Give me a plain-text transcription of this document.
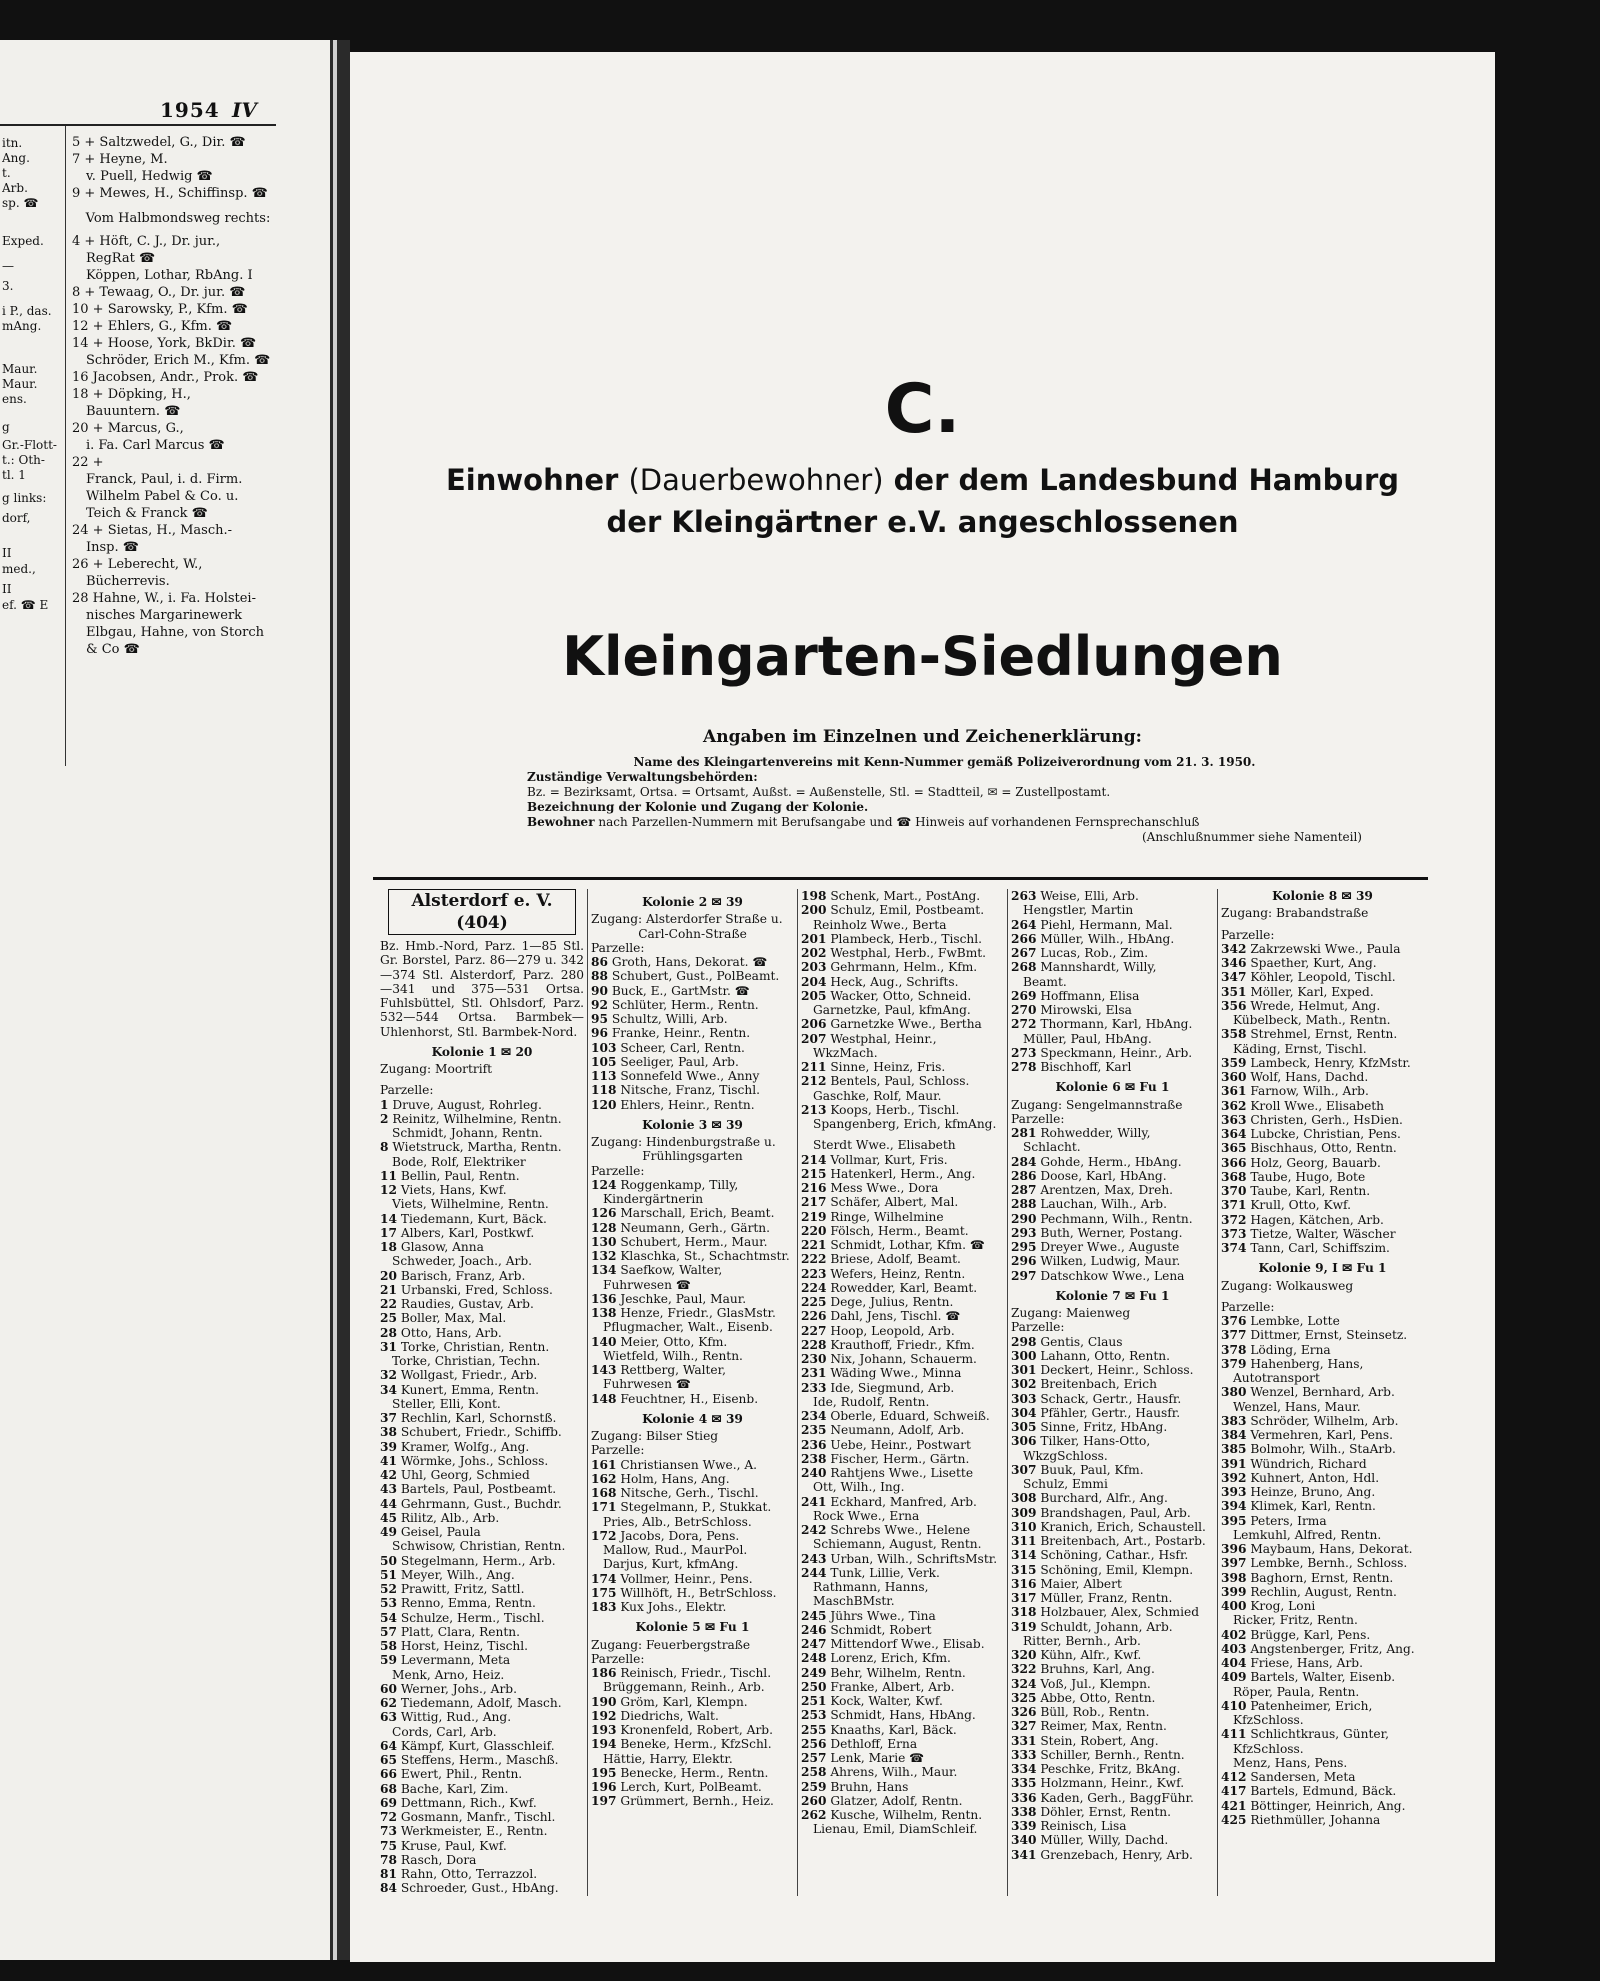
1954 IV
itn.
Ang.
t.
Arb.
sp. ☎
Exped.
—
3.
i P., das.
mAng.
Maur.
Maur.
ens.
g
Gr.-Flott-
t.: Oth-
tl. 1
g links:
dorf,
II
med.,
II
ef. ☎ E
5 + Saltzwedel, G., Dir. ☎
7 + Heyne, M.
v. Puell, Hedwig ☎
9 + Mewes, H., Schiffinsp. ☎
Vom Halbmondsweg rechts:
4 + Höft, C. J., Dr. jur.,
RegRat ☎
Köppen, Lothar, RbAng. I
8 + Tewaag, O., Dr. jur. ☎
10 + Sarowsky, P., Kfm. ☎
12 + Ehlers, G., Kfm. ☎
14 + Hoose, York, BkDir. ☎
Schröder, Erich M., Kfm. ☎
16 Jacobsen, Andr., Prok. ☎
18 + Döpking, H.,
Bauuntern. ☎
20 + Marcus, G.,
i. Fa. Carl Marcus ☎
22 +
Franck, Paul, i. d. Firm.
Wilhelm Pabel & Co. u.
Teich & Franck ☎
24 + Sietas, H., Masch.-
Insp. ☎
26 + Leberecht, W.,
Bücherrevis.
28 Hahne, W., i. Fa. Holstei-
nisches Margarinewerk
Elbgau, Hahne, von Storch
& Co ☎
C.
Einwohner (Dauerbewohner) der dem Landesbund Hamburg
der Kleingärtner e.V. angeschlossenen
Kleingarten-Siedlungen
Angaben im Einzelnen und Zeichenerklärung:
Name des Kleingartenvereins mit Kenn-Nummer gemäß Polizeiverordnung vom 21. 3. 1950.
Zuständige Verwaltungsbehörden:
Bz. = Bezirksamt, Ortsa. = Ortsamt, Außst. = Außenstelle, Stl. = Stadtteil, ✉ = Zustellpostamt.
Bezeichnung der Kolonie und Zugang der Kolonie.
Bewohner nach Parzellen-Nummern mit Berufsangabe und ☎ Hinweis auf vorhandenen Fernsprechanschluß
(Anschlußnummer siehe Namenteil)
Alsterdorf e. V. (404)
Bz. Hmb.-Nord, Parz. 1—85 Stl. Gr. Borstel, Parz. 86—279 u. 342—374 Stl. Alsterdorf, Parz. 280—341 und 375—531 Ortsa. Fuhlsbüttel, Stl. Ohlsdorf, Parz. 532—544 Ortsa. Barmbek—Uhlenhorst, Stl. Barmbek-Nord.
Kolonie 1 ✉ 20
Zugang: Moortrift
Parzelle:
1 Druve, August, Rohrleg.
2 Reinitz, Wilhelmine, Rentn.
Schmidt, Johann, Rentn.
8 Wietstruck, Martha, Rentn.
Bode, Rolf, Elektriker
11 Bellin, Paul, Rentn.
12 Viets, Hans, Kwf.
Viets, Wilhelmine, Rentn.
14 Tiedemann, Kurt, Bäck.
17 Albers, Karl, Postkwf.
18 Glasow, Anna
Schweder, Joach., Arb.
20 Barisch, Franz, Arb.
21 Urbanski, Fred, Schloss.
22 Raudies, Gustav, Arb.
25 Boller, Max, Mal.
28 Otto, Hans, Arb.
31 Torke, Christian, Rentn.
Torke, Christian, Techn.
32 Wollgast, Friedr., Arb.
34 Kunert, Emma, Rentn.
Steller, Elli, Kont.
37 Rechlin, Karl, Schornstß.
38 Schubert, Friedr., Schiffb.
39 Kramer, Wolfg., Ang.
41 Wörmke, Johs., Schloss.
42 Uhl, Georg, Schmied
43 Bartels, Paul, Postbeamt.
44 Gehrmann, Gust., Buchdr.
45 Rilitz, Alb., Arb.
49 Geisel, Paula
Schwisow, Christian, Rentn.
50 Stegelmann, Herm., Arb.
51 Meyer, Wilh., Ang.
52 Prawitt, Fritz, Sattl.
53 Renno, Emma, Rentn.
54 Schulze, Herm., Tischl.
57 Platt, Clara, Rentn.
58 Horst, Heinz, Tischl.
59 Levermann, Meta
Menk, Arno, Heiz.
60 Werner, Johs., Arb.
62 Tiedemann, Adolf, Masch.
63 Wittig, Rud., Ang.
Cords, Carl, Arb.
64 Kämpf, Kurt, Glasschleif.
65 Steffens, Herm., Maschß.
66 Ewert, Phil., Rentn.
68 Bache, Karl, Zim.
69 Dettmann, Rich., Kwf.
72 Gosmann, Manfr., Tischl.
73 Werkmeister, E., Rentn.
75 Kruse, Paul, Kwf.
78 Rasch, Dora
81 Rahn, Otto, Terrazzol.
84 Schroeder, Gust., HbAng.
Kolonie 2 ✉ 39
Zugang: Alsterdorfer Straße u.
Carl-Cohn-Straße
Parzelle:
86 Groth, Hans, Dekorat. ☎
88 Schubert, Gust., PolBeamt.
90 Buck, E., GartMstr. ☎
92 Schlüter, Herm., Rentn.
95 Schultz, Willi, Arb.
96 Franke, Heinr., Rentn.
103 Scheer, Carl, Rentn.
105 Seeliger, Paul, Arb.
113 Sonnefeld Wwe., Anny
118 Nitsche, Franz, Tischl.
120 Ehlers, Heinr., Rentn.
Kolonie 3 ✉ 39
Zugang: Hindenburgstraße u.
Frühlingsgarten
Parzelle:
124 Roggenkamp, Tilly,
Kindergärtnerin
126 Marschall, Erich, Beamt.
128 Neumann, Gerh., Gärtn.
130 Schubert, Herm., Maur.
132 Klaschka, St., Schachtmstr.
134 Saefkow, Walter,
Fuhrwesen ☎
136 Jeschke, Paul, Maur.
138 Henze, Friedr., GlasMstr.
Pflugmacher, Walt., Eisenb.
140 Meier, Otto, Kfm.
Wietfeld, Wilh., Rentn.
143 Rettberg, Walter,
Fuhrwesen ☎
148 Feuchtner, H., Eisenb.
Kolonie 4 ✉ 39
Zugang: Bilser Stieg
Parzelle:
161 Christiansen Wwe., A.
162 Holm, Hans, Ang.
168 Nitsche, Gerh., Tischl.
171 Stegelmann, P., Stukkat.
Pries, Alb., BetrSchloss.
172 Jacobs, Dora, Pens.
Mallow, Rud., MaurPol.
Darjus, Kurt, kfmAng.
174 Vollmer, Heinr., Pens.
175 Willhöft, H., BetrSchloss.
183 Kux Johs., Elektr.
Kolonie 5 ✉ Fu 1
Zugang: Feuerbergstraße
Parzelle:
186 Reinisch, Friedr., Tischl.
Brüggemann, Reinh., Arb.
190 Gröm, Karl, Klempn.
192 Diedrichs, Walt.
193 Kronenfeld, Robert, Arb.
194 Beneke, Herm., KfzSchl.
Hättie, Harry, Elektr.
195 Benecke, Herm., Rentn.
196 Lerch, Kurt, PolBeamt.
197 Grümmert, Bernh., Heiz.
198 Schenk, Mart., PostAng.
200 Schulz, Emil, Postbeamt.
Reinholz Wwe., Berta
201 Plambeck, Herb., Tischl.
202 Westphal, Herb., FwBmt.
203 Gehrmann, Helm., Kfm.
204 Heck, Aug., Schrifts.
205 Wacker, Otto, Schneid.
Garnetzke, Paul, kfmAng.
206 Garnetzke Wwe., Bertha
207 Westphal, Heinr.,
WkzMach.
211 Sinne, Heinz, Fris.
212 Bentels, Paul, Schloss.
Gaschke, Rolf, Maur.
213 Koops, Herb., Tischl.
Spangenberg, Erich, kfmAng.
Sterdt Wwe., Elisabeth
214 Vollmar, Kurt, Fris.
215 Hatenkerl, Herm., Ang.
216 Mess Wwe., Dora
217 Schäfer, Albert, Mal.
219 Ringe, Wilhelmine
220 Fölsch, Herm., Beamt.
221 Schmidt, Lothar, Kfm. ☎
222 Briese, Adolf, Beamt.
223 Wefers, Heinz, Rentn.
224 Rowedder, Karl, Beamt.
225 Dege, Julius, Rentn.
226 Dahl, Jens, Tischl. ☎
227 Hoop, Leopold, Arb.
228 Krauthoff, Friedr., Kfm.
230 Nix, Johann, Schauerm.
231 Wäding Wwe., Minna
233 Ide, Siegmund, Arb.
Ide, Rudolf, Rentn.
234 Oberle, Eduard, Schweiß.
235 Neumann, Adolf, Arb.
236 Uebe, Heinr., Postwart
238 Fischer, Herm., Gärtn.
240 Rahtjens Wwe., Lisette
Ott, Wilh., Ing.
241 Eckhard, Manfred, Arb.
Rock Wwe., Erna
242 Schrebs Wwe., Helene
Schiemann, August, Rentn.
243 Urban, Wilh., SchriftsMstr.
244 Tunk, Lillie, Verk.
Rathmann, Hanns,
MaschBMstr.
245 Jührs Wwe., Tina
246 Schmidt, Robert
247 Mittendorf Wwe., Elisab.
248 Lorenz, Erich, Kfm.
249 Behr, Wilhelm, Rentn.
250 Franke, Albert, Arb.
251 Kock, Walter, Kwf.
253 Schmidt, Hans, HbAng.
255 Knaaths, Karl, Bäck.
256 Dethloff, Erna
257 Lenk, Marie ☎
258 Ahrens, Wilh., Maur.
259 Bruhn, Hans
260 Glatzer, Adolf, Rentn.
262 Kusche, Wilhelm, Rentn.
Lienau, Emil, DiamSchleif.
263 Weise, Elli, Arb.
Hengstler, Martin
264 Piehl, Hermann, Mal.
266 Müller, Wilh., HbAng.
267 Lucas, Rob., Zim.
268 Mannshardt, Willy,
Beamt.
269 Hoffmann, Elisa
270 Mirowski, Elsa
272 Thormann, Karl, HbAng.
Müller, Paul, HbAng.
273 Speckmann, Heinr., Arb.
278 Bischhoff, Karl
Kolonie 6 ✉ Fu 1
Zugang: Sengelmannstraße
Parzelle:
281 Rohwedder, Willy,
Schlacht.
284 Gohde, Herm., HbAng.
286 Doose, Karl, HbAng.
287 Arentzen, Max, Dreh.
288 Lauchan, Wilh., Arb.
290 Pechmann, Wilh., Rentn.
293 Buth, Werner, Postang.
295 Dreyer Wwe., Auguste
296 Wilken, Ludwig, Maur.
297 Datschkow Wwe., Lena
Kolonie 7 ✉ Fu 1
Zugang: Maienweg
Parzelle:
298 Gentis, Claus
300 Lahann, Otto, Rentn.
301 Deckert, Heinr., Schloss.
302 Breitenbach, Erich
303 Schack, Gertr., Hausfr.
304 Pfähler, Gertr., Hausfr.
305 Sinne, Fritz, HbAng.
306 Tilker, Hans-Otto,
WkzgSchloss.
307 Buuk, Paul, Kfm.
Schulz, Emmi
308 Burchard, Alfr., Ang.
309 Brandshagen, Paul, Arb.
310 Kranich, Erich, Schaustell.
311 Breitenbach, Art., Postarb.
314 Schöning, Cathar., Hsfr.
315 Schöning, Emil, Klempn.
316 Maier, Albert
317 Müller, Franz, Rentn.
318 Holzbauer, Alex, Schmied
319 Schuldt, Johann, Arb.
Ritter, Bernh., Arb.
320 Kühn, Alfr., Kwf.
322 Bruhns, Karl, Ang.
324 Voß, Jul., Klempn.
325 Abbe, Otto, Rentn.
326 Büll, Rob., Rentn.
327 Reimer, Max, Rentn.
331 Stein, Robert, Ang.
333 Schiller, Bernh., Rentn.
334 Peschke, Fritz, BkAng.
335 Holzmann, Heinr., Kwf.
336 Kaden, Gerh., BaggFühr.
338 Döhler, Ernst, Rentn.
339 Reinisch, Lisa
340 Müller, Willy, Dachd.
341 Grenzebach, Henry, Arb.
Kolonie 8 ✉ 39
Zugang: Brabandstraße
Parzelle:
342 Zakrzewski Wwe., Paula
346 Spaether, Kurt, Ang.
347 Köhler, Leopold, Tischl.
351 Möller, Karl, Exped.
356 Wrede, Helmut, Ang.
Kübelbeck, Math., Rentn.
358 Strehmel, Ernst, Rentn.
Käding, Ernst, Tischl.
359 Lambeck, Henry, KfzMstr.
360 Wolf, Hans, Dachd.
361 Farnow, Wilh., Arb.
362 Kroll Wwe., Elisabeth
363 Christen, Gerh., HsDien.
364 Lubcke, Christian, Pens.
365 Bischhaus, Otto, Rentn.
366 Holz, Georg, Bauarb.
368 Taube, Hugo, Bote
370 Taube, Karl, Rentn.
371 Krull, Otto, Kwf.
372 Hagen, Kätchen, Arb.
373 Tietze, Walter, Wäscher
374 Tann, Carl, Schiffszim.
Kolonie 9, I ✉ Fu 1
Zugang: Wolkausweg
Parzelle:
376 Lembke, Lotte
377 Dittmer, Ernst, Steinsetz.
378 Löding, Erna
379 Hahenberg, Hans,
Autotransport
380 Wenzel, Bernhard, Arb.
Wenzel, Hans, Maur.
383 Schröder, Wilhelm, Arb.
384 Vermehren, Karl, Pens.
385 Bolmohr, Wilh., StaArb.
391 Wündrich, Richard
392 Kuhnert, Anton, Hdl.
393 Heinze, Bruno, Ang.
394 Klimek, Karl, Rentn.
395 Peters, Irma
Lemkuhl, Alfred, Rentn.
396 Maybaum, Hans, Dekorat.
397 Lembke, Bernh., Schloss.
398 Baghorn, Ernst, Rentn.
399 Rechlin, August, Rentn.
400 Krog, Loni
Ricker, Fritz, Rentn.
402 Brügge, Karl, Pens.
403 Angstenberger, Fritz, Ang.
404 Friese, Hans, Arb.
409 Bartels, Walter, Eisenb.
Röper, Paula, Rentn.
410 Patenheimer, Erich,
KfzSchloss.
411 Schlichtkraus, Günter,
KfzSchloss.
Menz, Hans, Pens.
412 Sandersen, Meta
417 Bartels, Edmund, Bäck.
421 Böttinger, Heinrich, Ang.
425 Riethmüller, Johanna
